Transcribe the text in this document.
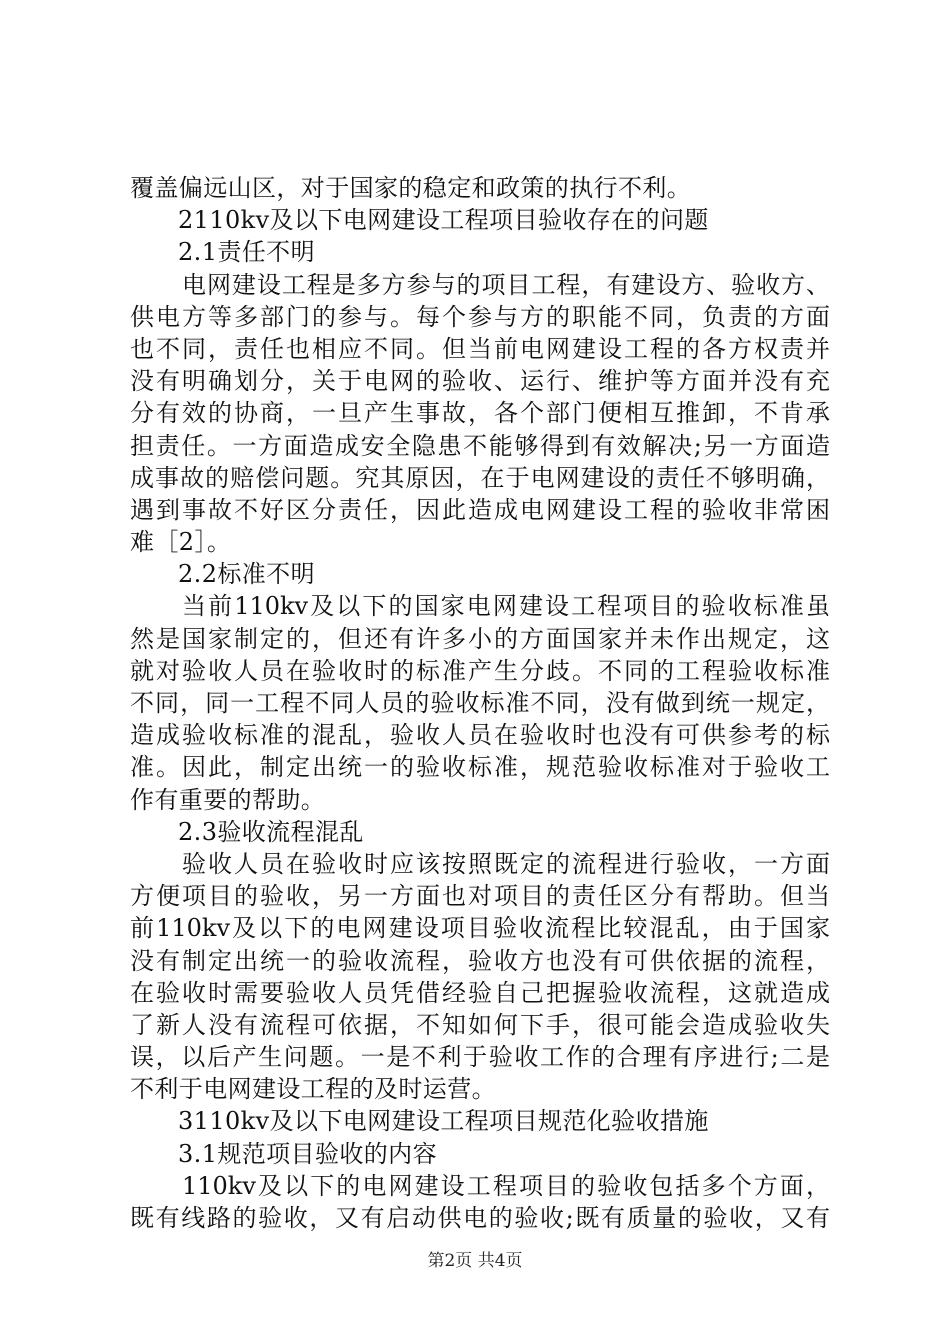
覆盖偏远山区，对于国家的稳定和政策的执行不利。
2110kv及以下电网建设工程项目验收存在的问题
2.1责任不明
电网建设工程是多方参与的项目工程，有建设方、验收方、
供电方等多部门的参与。每个参与方的职能不同，负责的方面
也不同，责任也相应不同。但当前电网建设工程的各方权责并
没有明确划分，关于电网的验收、运行、维护等方面并没有充
分有效的协商，一旦产生事故，各个部门便相互推卸，不肯承
担责任。一方面造成安全隐患不能够得到有效解决;另一方面造
成事故的赔偿问题。究其原因，在于电网建设的责任不够明确，
遇到事故不好区分责任，因此造成电网建设工程的验收非常困
难［2］。
2.2标准不明
当前110kv及以下的国家电网建设工程项目的验收标准虽
然是国家制定的，但还有许多小的方面国家并未作出规定，这
就对验收人员在验收时的标准产生分歧。不同的工程验收标准
不同，同一工程不同人员的验收标准不同，没有做到统一规定，
造成验收标准的混乱，验收人员在验收时也没有可供参考的标
准。因此，制定出统一的验收标准，规范验收标准对于验收工
作有重要的帮助。
2.3验收流程混乱
验收人员在验收时应该按照既定的流程进行验收，一方面
方便项目的验收，另一方面也对项目的责任区分有帮助。但当
前110kv及以下的电网建设项目验收流程比较混乱，由于国家
没有制定出统一的验收流程，验收方也没有可供依据的流程，
在验收时需要验收人员凭借经验自己把握验收流程，这就造成
了新人没有流程可依据，不知如何下手，很可能会造成验收失
误，以后产生问题。一是不利于验收工作的合理有序进行;二是
不利于电网建设工程的及时运营。
3110kv及以下电网建设工程项目规范化验收措施
3.1规范项目验收的内容
110kv及以下的电网建设工程项目的验收包括多个方面，
既有线路的验收，又有启动供电的验收;既有质量的验收，又有
第2页 共4页
